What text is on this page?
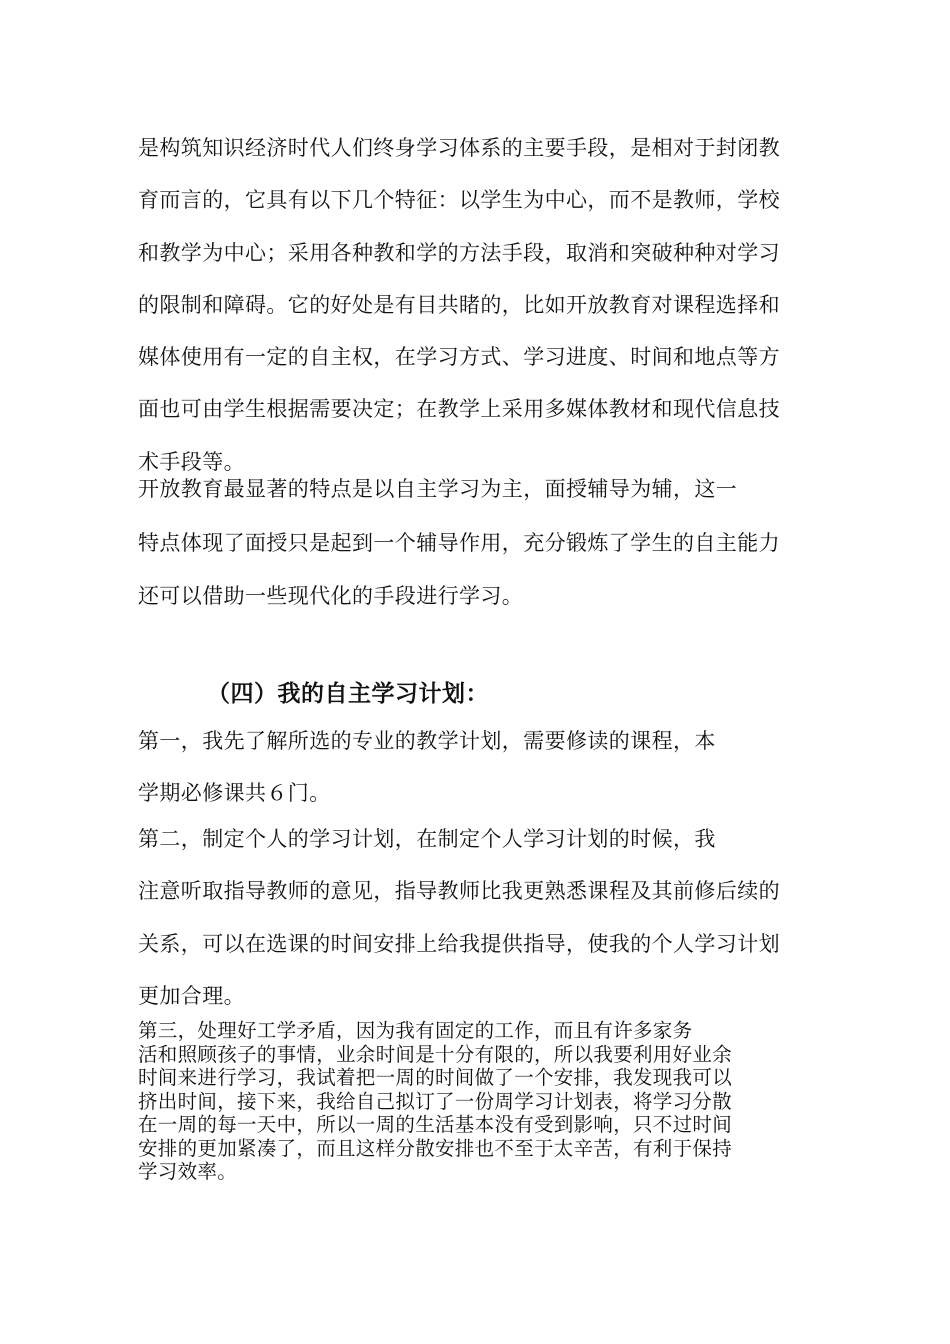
是构筑知识经济时代人们终身学习体系的主要手段，是相对于封闭教
育而言的，它具有以下几个特征：以学生为中心，而不是教师，学校
和教学为中心；采用各种教和学的方法手段，取消和突破种种对学习
的限制和障碍。它的好处是有目共睹的，比如开放教育对课程选择和
媒体使用有一定的自主权，在学习方式、学习进度、时间和地点等方
面也可由学生根据需要决定；在教学上采用多媒体教材和现代信息技
术手段等。

开放教育最显著的特点是以自主学习为主，面授辅导为辅，这一
特点体现了面授只是起到一个辅导作用，充分锻炼了学生的自主能力
还可以借助一些现代化的手段进行学习。

（四）我的自主学习计划：

第一，我先了解所选的专业的教学计划，需要修读的课程，本
学期必修课共６门。

第二，制定个人的学习计划，在制定个人学习计划的时候，我
注意听取指导教师的意见，指导教师比我更熟悉课程及其前修后续的
关系，可以在选课的时间安排上给我提供指导，使我的个人学习计划
更加合理。

第三，处理好工学矛盾，因为我有固定的工作，而且有许多家务
活和照顾孩子的事情，业余时间是十分有限的，所以我要利用好业余
时间来进行学习，我试着把一周的时间做了一个安排，我发现我可以
挤出时间，接下来，我给自己拟订了一份周学习计划表，将学习分散
在一周的每一天中，所以一周的生活基本没有受到影响，只不过时间
安排的更加紧凑了，而且这样分散安排也不至于太辛苦，有利于保持
学习效率。
